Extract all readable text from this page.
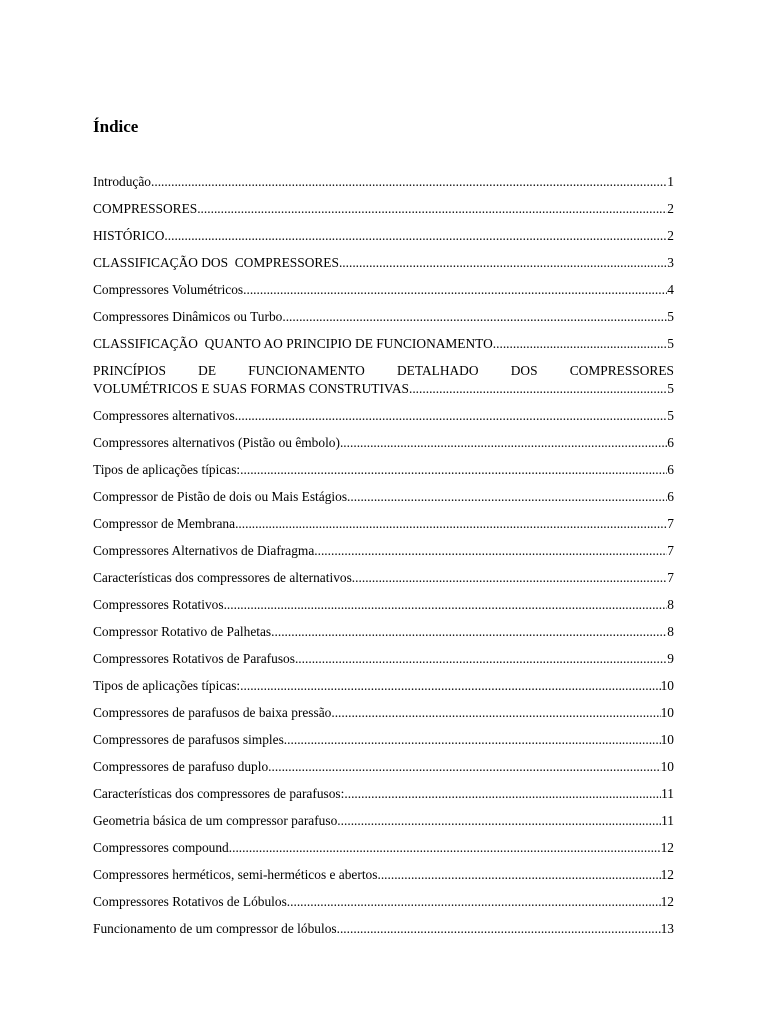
Índice
Introdução .....	1
COMPRESSORES .....	2
HISTÓRICO .....	2
CLASSIFICAÇÃO DOS  COMPRESSORES .....	3
Compressores Volumétricos .....	4
Compressores Dinâmicos ou Turbo .....	5
CLASSIFICAÇÃO  QUANTO AO PRINCIPIO DE FUNCIONAMENTO .....	5
PRINCÍPIOS DE FUNCIONAMENTO DETALHADO DOS COMPRESSORES
VOLUMÉTRICOS E SUAS FORMAS CONSTRUTIVAS .....	5
Compressores alternativos .....	5
Compressores alternativos (Pistão ou êmbolo) .....	6
Tipos de aplicações típicas: .....	6
Compressor de Pistão de dois ou Mais Estágios .....	6
Compressor de Membrana .....	7
Compressores Alternativos de Diafragma .....	7
Características dos compressores de alternativos .....	7
Compressores Rotativos .....	8
Compressor Rotativo de Palhetas .....	8
Compressores Rotativos de Parafusos .....	9
Tipos de aplicações típicas: .....	10
Compressores de parafusos de baixa pressão .....	10
Compressores de parafusos simples .....	10
Compressores de parafuso duplo .....	10
Características dos compressores de parafusos: .....	11
Geometria básica de um compressor parafuso .....	11
Compressores compound .....	12
Compressores herméticos, semi-herméticos e abertos .....	12
Compressores Rotativos de Lóbulos .....	12
Funcionamento de um compressor de lóbulos .....	13
